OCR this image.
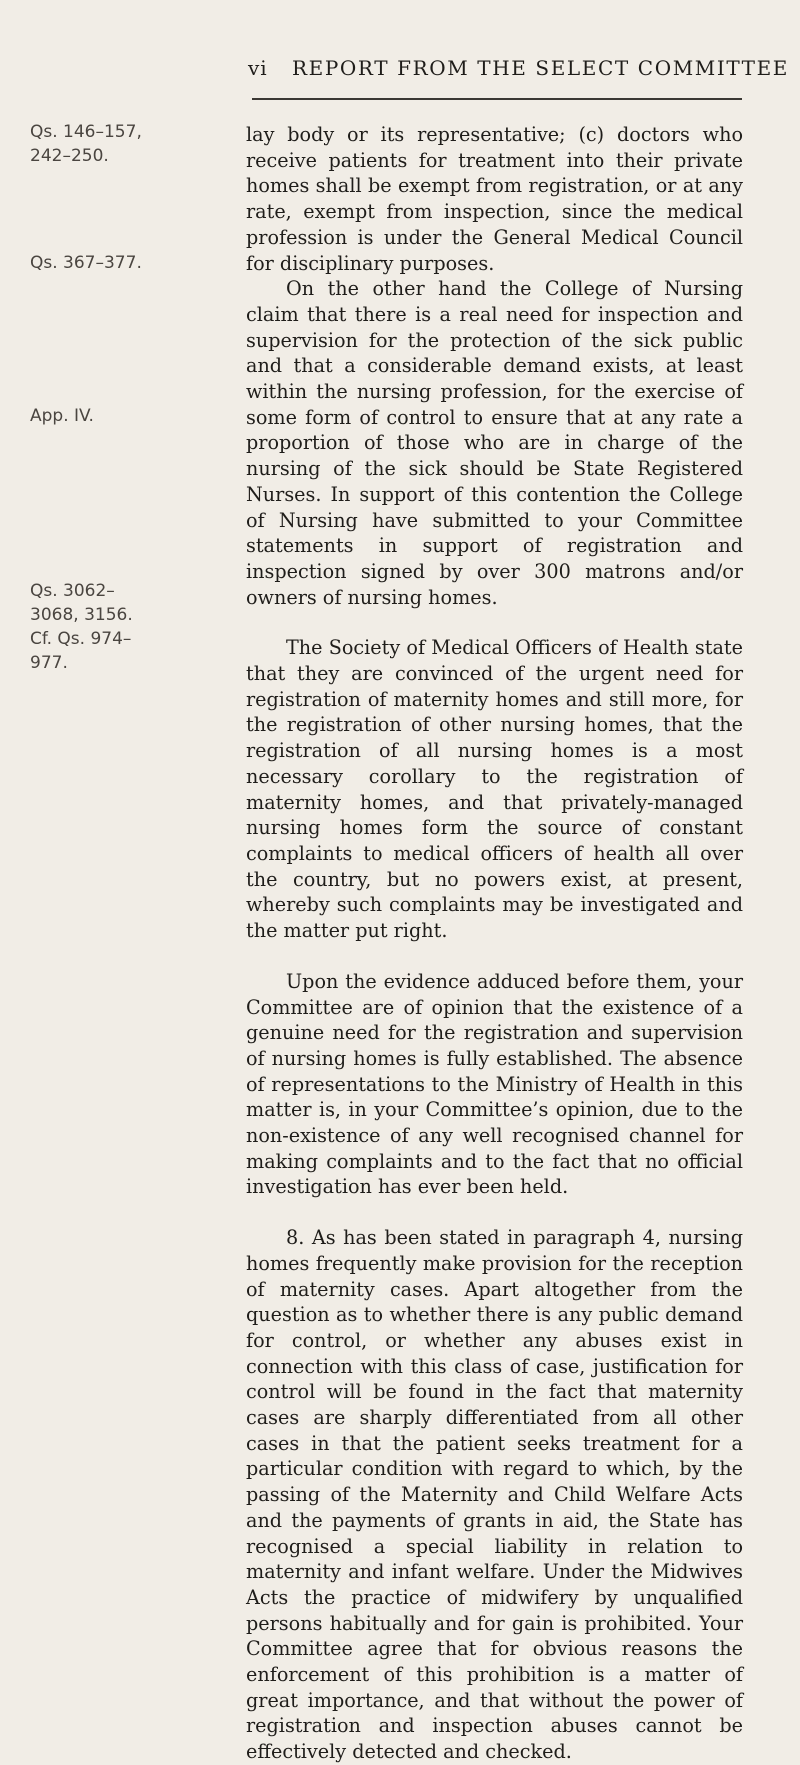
vi REPORT FROM THE SELECT COMMITTEE
Qs. 146–157,
242–250.
Qs. 367–377.
App. IV.
Qs. 3062–
3068, 3156.
Cf. Qs. 974–
977.

lay body or its representative; (c) doctors who receive patients for treatment into their private homes shall be exempt from registration, or at any rate, exempt from inspection, since the medical profession is under the General Medical Council for disciplinary purposes.

On the other hand the College of Nursing claim that there is a real need for inspection and supervision for the protection of the sick public and that a considerable demand exists, at least within the nursing profession, for the exercise of some form of control to ensure that at any rate a proportion of those who are in charge of the nursing of the sick should be State Registered Nurses. In support of this contention the College of Nursing have submitted to your Committee statements in support of registration and inspection signed by over 300 matrons and/or owners of nursing homes.

The Society of Medical Officers of Health state that they are convinced of the urgent need for registration of maternity homes and still more, for the registration of other nursing homes, that the registration of all nursing homes is a most necessary corollary to the registration of maternity homes, and that privately-managed nursing homes form the source of constant complaints to medical officers of health all over the country, but no powers exist, at present, whereby such complaints may be investigated and the matter put right.

Upon the evidence adduced before them, your Committee are of opinion that the existence of a genuine need for the registration and supervision of nursing homes is fully established. The absence of representations to the Ministry of Health in this matter is, in your Committee’s opinion, due to the non-existence of any well recognised channel for making complaints and to the fact that no official investigation has ever been held.

8. As has been stated in paragraph 4, nursing homes frequently make provision for the reception of maternity cases. Apart altogether from the question as to whether there is any public demand for control, or whether any abuses exist in connection with this class of case, justification for control will be found in the fact that maternity cases are sharply differentiated from all other cases in that the patient seeks treatment for a particular condition with regard to which, by the passing of the Maternity and Child Welfare Acts and the payments of grants in aid, the State has recognised a special liability in relation to maternity and infant welfare. Under the Midwives Acts the practice of midwifery by unqualified persons habitually and for gain is prohibited. Your Committee agree that for obvious reasons the enforcement of this prohibition is a matter of great importance, and that without the power of registration and inspection abuses cannot be effectively detected and checked.
